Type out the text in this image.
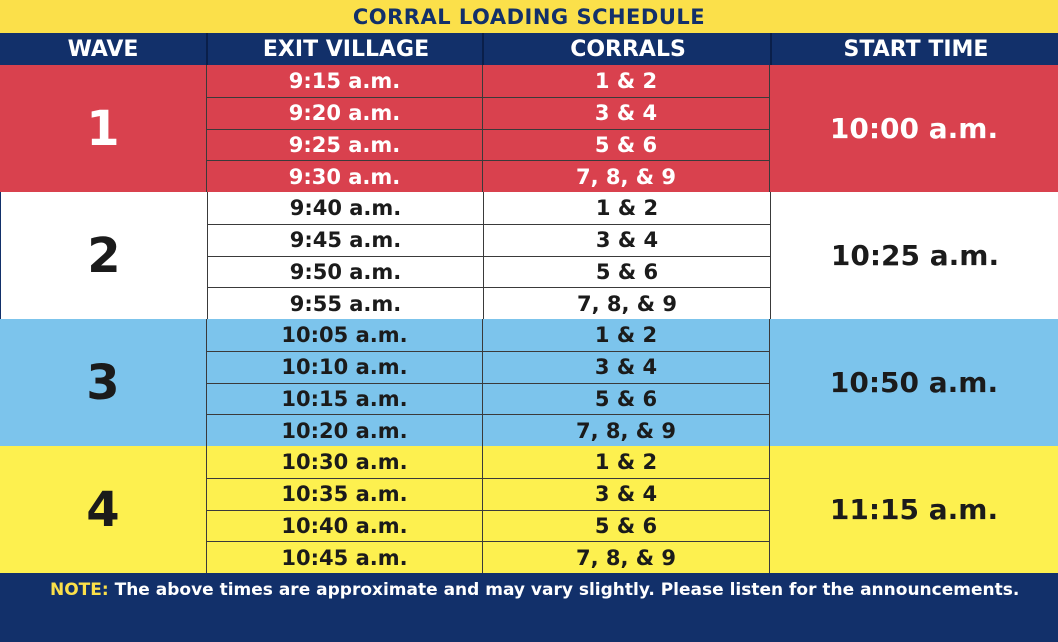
CORRAL LOADING SCHEDULE
WAVE	EXIT VILLAGE	CORRALS	START TIME
1
9:15 a.m.	1 & 2
9:20 a.m.	3 & 4
9:25 a.m.	5 & 6
9:30 a.m.	7, 8, & 9
10:00 a.m.
2
9:40 a.m.	1 & 2
9:45 a.m.	3 & 4
9:50 a.m.	5 & 6
9:55 a.m.	7, 8, & 9
10:25 a.m.
3
10:05 a.m.	1 & 2
10:10 a.m.	3 & 4
10:15 a.m.	5 & 6
10:20 a.m.	7, 8, & 9
10:50 a.m.
4
10:30 a.m.	1 & 2
10:35 a.m.	3 & 4
10:40 a.m.	5 & 6
10:45 a.m.	7, 8, & 9
11:15 a.m.
NOTE: The above times are approximate and may vary slightly. Please listen for the announcements.
